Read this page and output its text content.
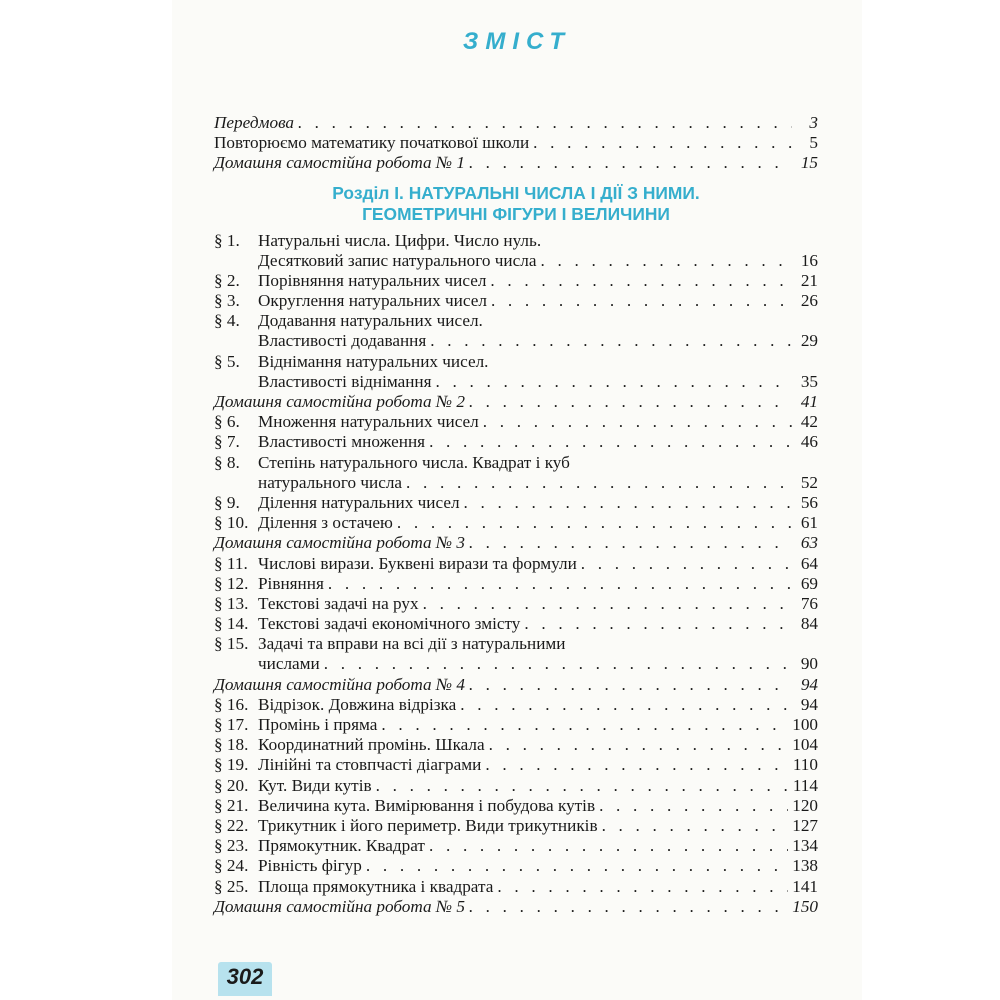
ЗМІСТ
Передмова . . .	3
Повторюємо математику початкової школи . . .	5
Домашня самостійна робота № 1 . . .	15
Розділ І. НАТУРАЛЬНІ ЧИСЛА І ДІЇ З НИМИ.
ГЕОМЕТРИЧНІ ФІГУРИ І ВЕЛИЧИНИ
§ 1.	Натуральні числа. Цифри. Число нуль.
Десятковий запис натурального числа . . .	16
§ 2.	Порівняння натуральних чисел . . .	21
§ 3.	Округлення натуральних чисел . . .	26
§ 4.	Додавання натуральних чисел.
Властивості додавання . . .	29
§ 5.	Віднімання натуральних чисел.
Властивості віднімання . . .	35
Домашня самостійна робота № 2 . . .	41
§ 6.	Множення натуральних чисел . . .	42
§ 7.	Властивості множення . . .	46
§ 8.	Степінь натурального числа. Квадрат і куб
натурального числа . . .	52
§ 9.	Ділення натуральних чисел . . .	56
§ 10. Ділення з остачею . . .	61
Домашня самостійна робота № 3 . . .	63
§ 11. Числові вирази. Буквені вирази та формули . . .	64
§ 12. Рівняння . . .	69
§ 13. Текстові задачі на рух . . .	76
§ 14. Текстові задачі економічного змісту . . .	84
§ 15. Задачі та вправи на всі дії з натуральними
числами . . .	90
Домашня самостійна робота № 4 . . .	94
§ 16. Відрізок. Довжина відрізка . . .	94
§ 17. Промінь і пряма . . .	100
§ 18. Координатний промінь. Шкала . . .	104
§ 19. Лінійні та стовпчасті діаграми . . .	110
§ 20. Кут. Види кутів . . .	114
§ 21. Величина кута. Вимірювання і побудова кутів . . .	120
§ 22. Трикутник і його периметр. Види трикутників . . .	127
§ 23. Прямокутник. Квадрат . . .	134
§ 24. Рівність фігур . . .	138
§ 25. Площа прямокутника і квадрата . . .	141
Домашня самостійна робота № 5 . . .	150
302
